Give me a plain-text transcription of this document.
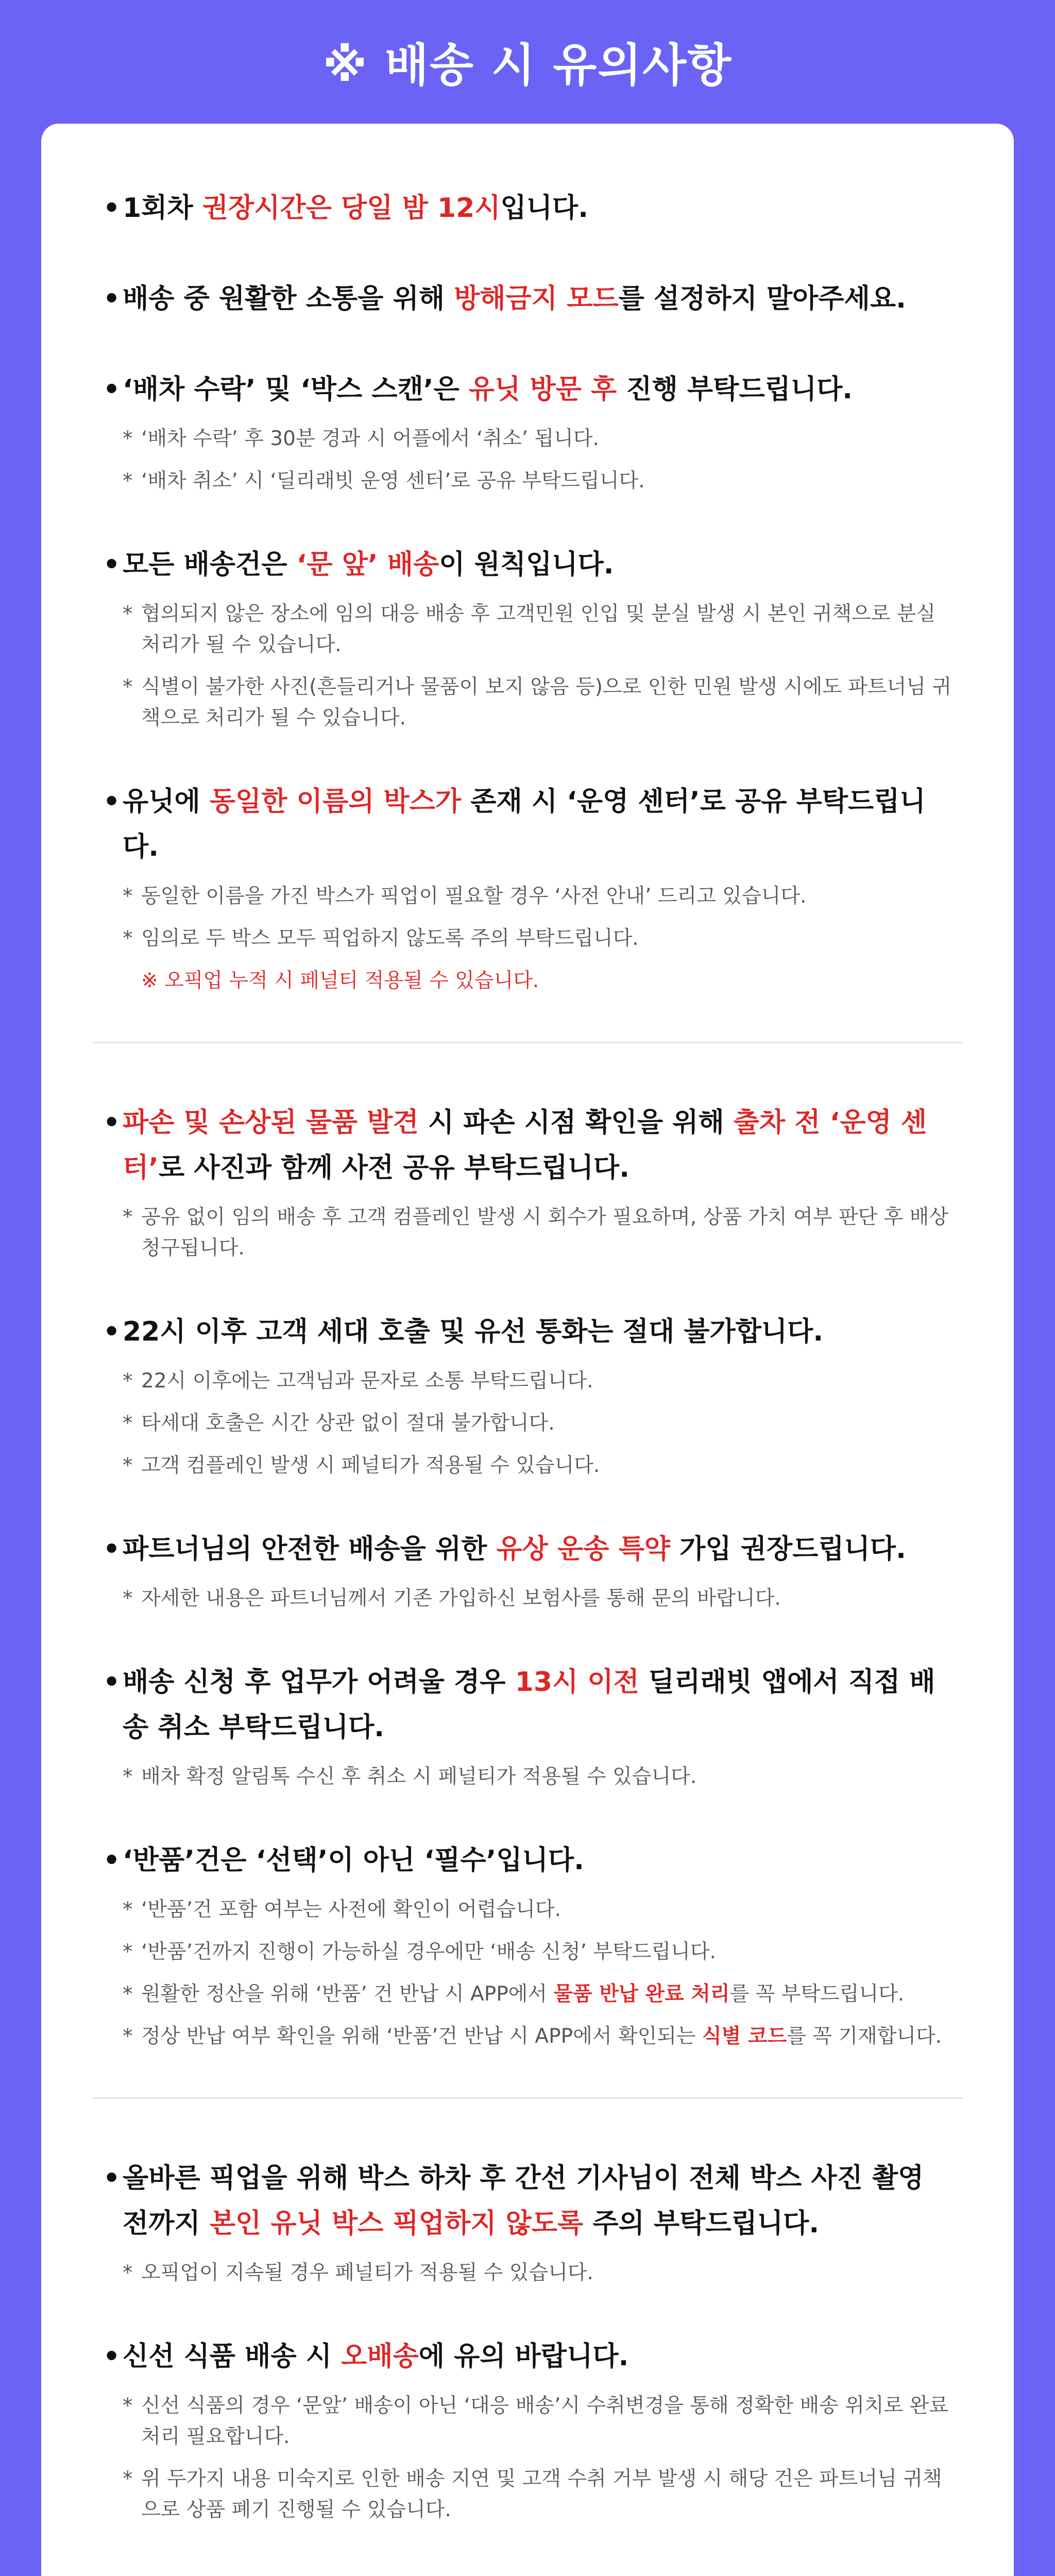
※ 배송 시 유의사항
• 1회차 권장시간은 당일 밤 12시입니다.
• 배송 중 원활한 소통을 위해 방해금지 모드를 설정하지 말아주세요.
• ‘배차 수락’ 및 ‘박스 스캔’은 유닛 방문 후 진행 부탁드립니다.
* ‘배차 수락’ 후 30분 경과 시 어플에서 ‘취소’ 됩니다.
* ‘배차 취소’ 시 ‘딜리래빗 운영 센터’로 공유 부탁드립니다.
• 모든 배송건은 ‘문 앞’ 배송이 원칙입니다.
* 협의되지 않은 장소에 임의 대응 배송 후 고객민원 인입 및 분실 발생 시 본인 귀책으로 분실 처리가 될 수 있습니다.
* 식별이 불가한 사진(흔들리거나 물품이 보지 않음 등)으로 인한 민원 발생 시에도 파트너님 귀책으로 처리가 될 수 있습니다.
• 유닛에 동일한 이름의 박스가 존재 시 ‘운영 센터’로 공유 부탁드립니다.
* 동일한 이름을 가진 박스가 픽업이 필요할 경우 ‘사전 안내’ 드리고 있습니다.
* 임의로 두 박스 모두 픽업하지 않도록 주의 부탁드립니다.
※ 오픽업 누적 시 페널티 적용될 수 있습니다.
• 파손 및 손상된 물품 발견 시 파손 시점 확인을 위해 출차 전 ‘운영 센터’로 사진과 함께 사전 공유 부탁드립니다.
* 공유 없이 임의 배송 후 고객 컴플레인 발생 시 회수가 필요하며, 상품 가치 여부 판단 후 배상 청구됩니다.
• 22시 이후 고객 세대 호출 및 유선 통화는 절대 불가합니다.
* 22시 이후에는 고객님과 문자로 소통 부탁드립니다.
* 타세대 호출은 시간 상관 없이 절대 불가합니다.
* 고객 컴플레인 발생 시 페널티가 적용될 수 있습니다.
• 파트너님의 안전한 배송을 위한 유상 운송 특약 가입 권장드립니다.
* 자세한 내용은 파트너님께서 기존 가입하신 보험사를 통해 문의 바랍니다.
• 배송 신청 후 업무가 어려울 경우 13시 이전 딜리래빗 앱에서 직접 배송 취소 부탁드립니다.
* 배차 확정 알림톡 수신 후 취소 시 페널티가 적용될 수 있습니다.
• ‘반품’건은 ‘선택’이 아닌 ‘필수’입니다.
* ‘반품’건 포함 여부는 사전에 확인이 어렵습니다.
* ‘반품’건까지 진행이 가능하실 경우에만 ‘배송 신청’ 부탁드립니다.
* 원활한 정산을 위해 ‘반품’ 건 반납 시 APP에서 물품 반납 완료 처리를 꼭 부탁드립니다.
* 정상 반납 여부 확인을 위해 ‘반품’건 반납 시 APP에서 확인되는 식별 코드를 꼭 기재합니다.
• 올바른 픽업을 위해 박스 하차 후 간선 기사님이 전체 박스 사진 촬영 전까지 본인 유닛 박스 픽업하지 않도록 주의 부탁드립니다.
* 오픽업이 지속될 경우 페널티가 적용될 수 있습니다.
• 신선 식품 배송 시 오배송에 유의 바랍니다.
* 신선 식품의 경우 ‘문앞’ 배송이 아닌 ‘대응 배송’시 수취변경을 통해 정확한 배송 위치로 완료 처리 필요합니다.
* 위 두가지 내용 미숙지로 인한 배송 지연 및 고객 수취 거부 발생 시 해당 건은 파트너님 귀책으로 상품 폐기 진행될 수 있습니다.
